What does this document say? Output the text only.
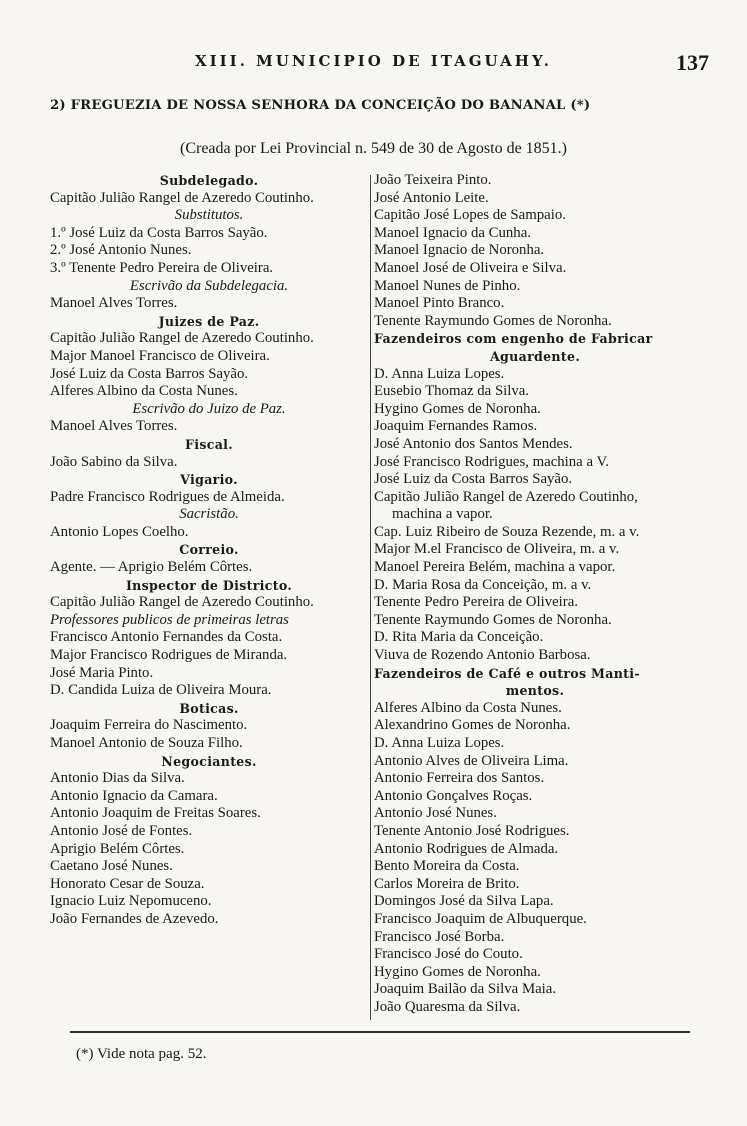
XIII. MUNICIPIO DE ITAGUAHY.	137
2) FREGUEZIA DE NOSSA SENHORA DA CONCEIÇÃO DO BANANAL (*)
(Creada por Lei Provincial n. 549 de 30 de Agosto de 1851.)
Subdelegado.
Capitão Julião Rangel de Azeredo Coutinho.
Substitutos.
1.º José Luiz da Costa Barros Sayão.
2.º José Antonio Nunes.
3.º Tenente Pedro Pereira de Oliveira.
Escrivão da Subdelegacia.
Manoel Alves Torres.
Juizes de Paz.
Capitão Julião Rangel de Azeredo Coutinho.
Major Manoel Francisco de Oliveira.
José Luiz da Costa Barros Sayão.
Alferes Albino da Costa Nunes.
Escrivão do Juizo de Paz.
Manoel Alves Torres.
Fiscal.
João Sabino da Silva.
Vigario.
Padre Francisco Rodrigues de Almeida.
Sacristão.
Antonio Lopes Coelho.
Correio.
Agente. — Aprigio Belém Côrtes.
Inspector de Districto.
Capitão Julião Rangel de Azeredo Coutinho.
Professores publicos de primeiras letras
Francisco Antonio Fernandes da Costa.
Major Francisco Rodrigues de Miranda.
José Maria Pinto.
D. Candida Luiza de Oliveira Moura.
Boticas.
Joaquim Ferreira do Nascimento.
Manoel Antonio de Souza Filho.
Negociantes.
Antonio Dias da Silva.
Antonio Ignacio da Camara.
Antonio Joaquim de Freitas Soares.
Antonio José de Fontes.
Aprigio Belém Côrtes.
Caetano José Nunes.
Honorato Cesar de Souza.
Ignacio Luiz Nepomuceno.
João Fernandes de Azevedo.
João Teixeira Pinto.
José Antonio Leite.
Capitão José Lopes de Sampaio.
Manoel Ignacio da Cunha.
Manoel Ignacio de Noronha.
Manoel José de Oliveira e Silva.
Manoel Nunes de Pinho.
Manoel Pinto Branco.
Tenente Raymundo Gomes de Noronha.
Fazendeiros com engenho de Fabricar
Aguardente.
D. Anna Luiza Lopes.
Eusebio Thomaz da Silva.
Hygino Gomes de Noronha.
Joaquim Fernandes Ramos.
José Antonio dos Santos Mendes.
José Francisco Rodrigues, machina a V.
José Luiz da Costa Barros Sayão.
Capitão Julião Rangel de Azeredo Coutinho,
machina a vapor.
Cap. Luiz Ribeiro de Souza Rezende, m. a v.
Major M.el Francisco de Oliveira, m. a v.
Manoel Pereira Belém, machina a vapor.
D. Maria Rosa da Conceição, m. a v.
Tenente Pedro Pereira de Oliveira.
Tenente Raymundo Gomes de Noronha.
D. Rita Maria da Conceição.
Viuva de Rozendo Antonio Barbosa.
Fazendeiros de Café e outros Manti-
mentos.
Alferes Albino da Costa Nunes.
Alexandrino Gomes de Noronha.
D. Anna Luiza Lopes.
Antonio Alves de Oliveira Lima.
Antonio Ferreira dos Santos.
Antonio Gonçalves Roças.
Antonio José Nunes.
Tenente Antonio José Rodrigues.
Antonio Rodrigues de Almada.
Bento Moreira da Costa.
Carlos Moreira de Brito.
Domingos José da Silva Lapa.
Francisco Joaquim de Albuquerque.
Francisco José Borba.
Francisco José do Couto.
Hygino Gomes de Noronha.
Joaquim Bailão da Silva Maia.
João Quaresma da Silva.
(*) Vide nota pag. 52.
